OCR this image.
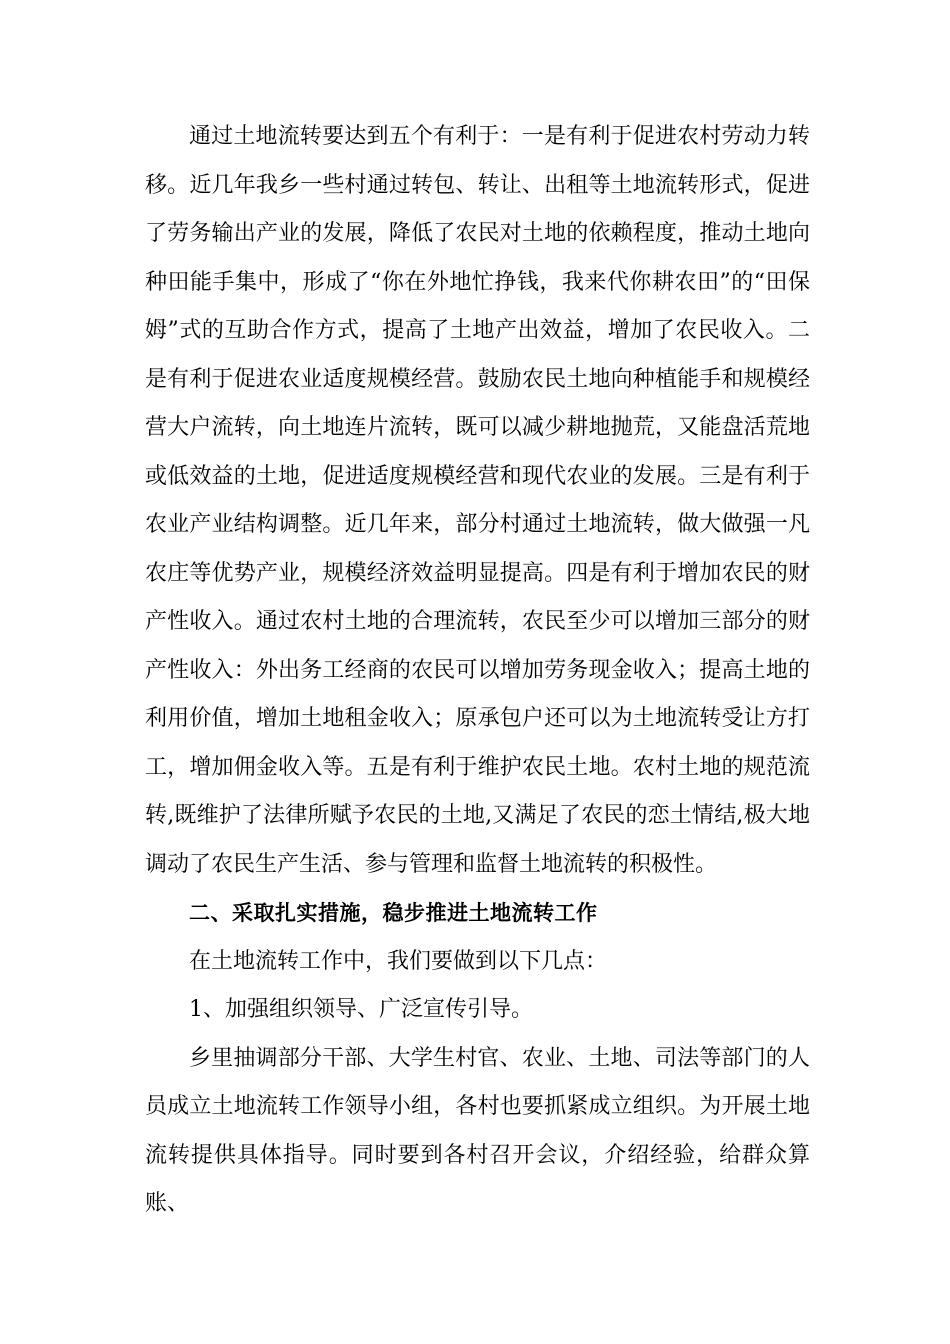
通过土地流转要达到五个有利于：一是有利于促进农村劳动力转移。近几年我乡一些村通过转包、转让、出租等土地流转形式，促进了劳务输出产业的发展，降低了农民对土地的依赖程度，推动土地向种田能手集中，形成了“你在外地忙挣钱，我来代你耕农田”的“田保姆”式的互助合作方式，提高了土地产出效益，增加了农民收入。二是有利于促进农业适度规模经营。鼓励农民土地向种植能手和规模经营大户流转，向土地连片流转，既可以减少耕地抛荒，又能盘活荒地或低效益的土地，促进适度规模经营和现代农业的发展。三是有利于农业产业结构调整。近几年来，部分村通过土地流转，做大做强一凡农庄等优势产业，规模经济效益明显提高。四是有利于增加农民的财产性收入。通过农村土地的合理流转，农民至少可以增加三部分的财产性收入：外出务工经商的农民可以增加劳务现金收入；提高土地的利用价值，增加土地租金收入；原承包户还可以为土地流转受让方打工，增加佣金收入等。五是有利于维护农民土地。农村土地的规范流转,既维护了法律所赋予农民的土地,又满足了农民的恋土情结,极大地调动了农民生产生活、参与管理和监督土地流转的积极性。

二、采取扎实措施，稳步推进土地流转工作

在土地流转工作中，我们要做到以下几点：

1、加强组织领导、广泛宣传引导。

乡里抽调部分干部、大学生村官、农业、土地、司法等部门的人员成立土地流转工作领导小组，各村也要抓紧成立组织。为开展土地流转提供具体指导。同时要到各村召开会议，介绍经验，给群众算账、
